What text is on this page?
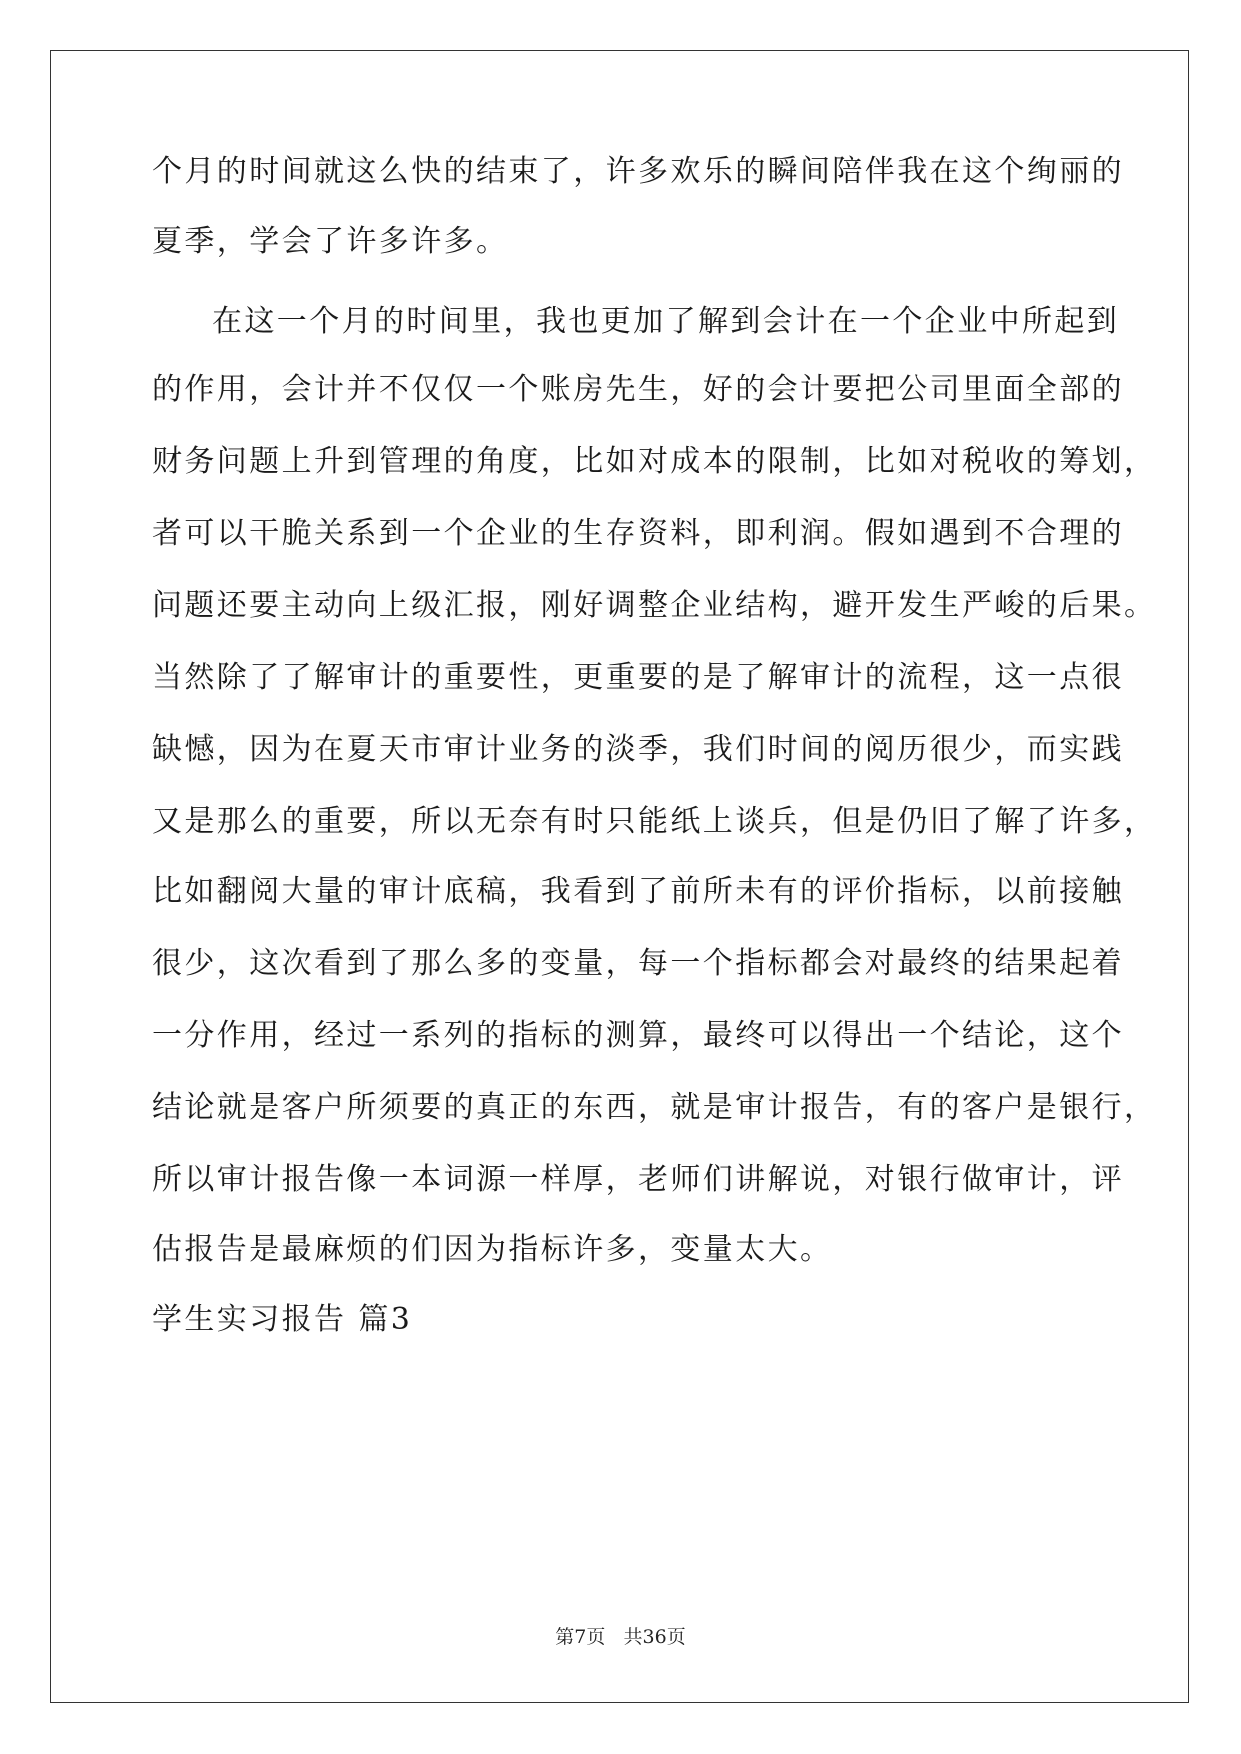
个月的时间就这么快的结束了，许多欢乐的瞬间陪伴我在这个绚丽的
夏季，学会了许多许多。
在这一个月的时间里，我也更加了解到会计在一个企业中所起到
的作用，会计并不仅仅一个账房先生，好的会计要把公司里面全部的
财务问题上升到管理的角度，比如对成本的限制，比如对税收的筹划，
者可以干脆关系到一个企业的生存资料，即利润。假如遇到不合理的
问题还要主动向上级汇报，刚好调整企业结构，避开发生严峻的后果。
当然除了了解审计的重要性，更重要的是了解审计的流程，这一点很
缺憾，因为在夏天市审计业务的淡季，我们时间的阅历很少，而实践
又是那么的重要，所以无奈有时只能纸上谈兵，但是仍旧了解了许多，
比如翻阅大量的审计底稿，我看到了前所未有的评价指标，以前接触
很少，这次看到了那么多的变量，每一个指标都会对最终的结果起着
一分作用，经过一系列的指标的测算，最终可以得出一个结论，这个
结论就是客户所须要的真正的东西，就是审计报告，有的客户是银行，
所以审计报告像一本词源一样厚，老师们讲解说，对银行做审计，评
估报告是最麻烦的们因为指标许多，变量太大。
学生实习报告 篇3
第7页 共36页
